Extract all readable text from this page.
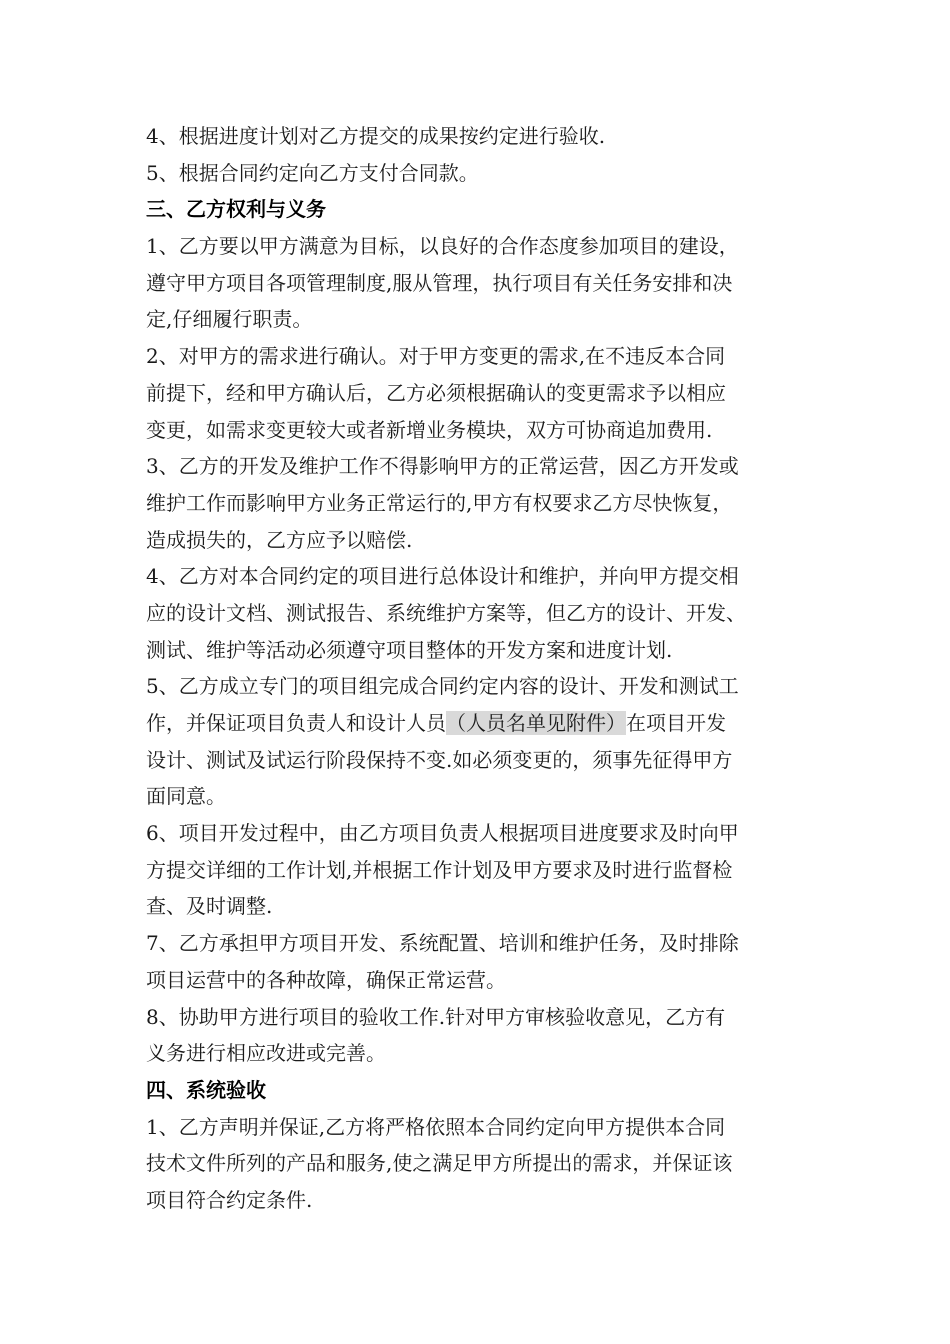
4、根据进度计划对乙方提交的成果按约定进行验收.
5、根据合同约定向乙方支付合同款。
三、乙方权利与义务
1、乙方要以甲方满意为目标，以良好的合作态度参加项目的建设，
遵守甲方项目各项管理制度,服从管理，执行项目有关任务安排和决
定,仔细履行职责。
2、对甲方的需求进行确认。对于甲方变更的需求,在不违反本合同
前提下，经和甲方确认后，乙方必须根据确认的变更需求予以相应
变更，如需求变更较大或者新增业务模块，双方可协商追加费用.
3、乙方的开发及维护工作不得影响甲方的正常运营，因乙方开发或
维护工作而影响甲方业务正常运行的,甲方有权要求乙方尽快恢复，
造成损失的，乙方应予以赔偿.
4、乙方对本合同约定的项目进行总体设计和维护，并向甲方提交相
应的设计文档、测试报告、系统维护方案等，但乙方的设计、开发、
测试、维护等活动必须遵守项目整体的开发方案和进度计划.
5、乙方成立专门的项目组完成合同约定内容的设计、开发和测试工
作，并保证项目负责人和设计人员（人员名单见附件）在项目开发
设计、测试及试运行阶段保持不变.如必须变更的，须事先征得甲方
面同意。
6、项目开发过程中，由乙方项目负责人根据项目进度要求及时向甲
方提交详细的工作计划,并根据工作计划及甲方要求及时进行监督检
查、及时调整.
7、乙方承担甲方项目开发、系统配置、培训和维护任务，及时排除
项目运营中的各种故障，确保正常运营。
8、协助甲方进行项目的验收工作.针对甲方审核验收意见，乙方有
义务进行相应改进或完善。
四、系统验收
1、乙方声明并保证,乙方将严格依照本合同约定向甲方提供本合同
技术文件所列的产品和服务,使之满足甲方所提出的需求，并保证该
项目符合约定条件.
